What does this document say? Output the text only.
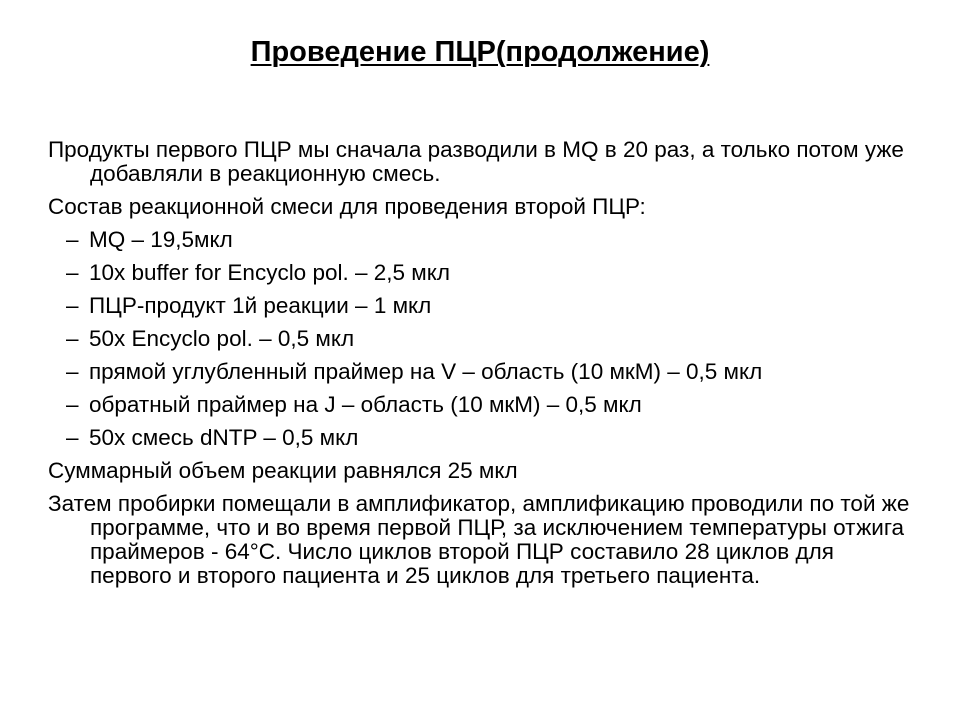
Проведение ПЦР(продолжение)

Продукты первого ПЦР мы сначала разводили в MQ в 20 раз, а только потом уже добавляли в реакционную смесь.

Состав реакционной смеси для проведения второй ПЦР:

– MQ – 19,5мкл
– 10x buffer for Encyclo pol. – 2,5 мкл
– ПЦР-продукт 1й реакции – 1 мкл
– 50x Encyclo pol. – 0,5 мкл
– прямой углубленный праймер на V – область (10 мкМ) – 0,5 мкл
– обратный праймер на J – область (10 мкМ) – 0,5 мкл
– 50x смесь dNTP – 0,5 мкл

Суммарный объем реакции равнялся 25 мкл

Затем пробирки помещали в амплификатор, амплификацию проводили по той же программе, что и во время первой ПЦР, за исключением температуры отжига праймеров - 64°С. Число циклов второй ПЦР составило 28 циклов для первого и второго пациента и 25 циклов для третьего пациента.
